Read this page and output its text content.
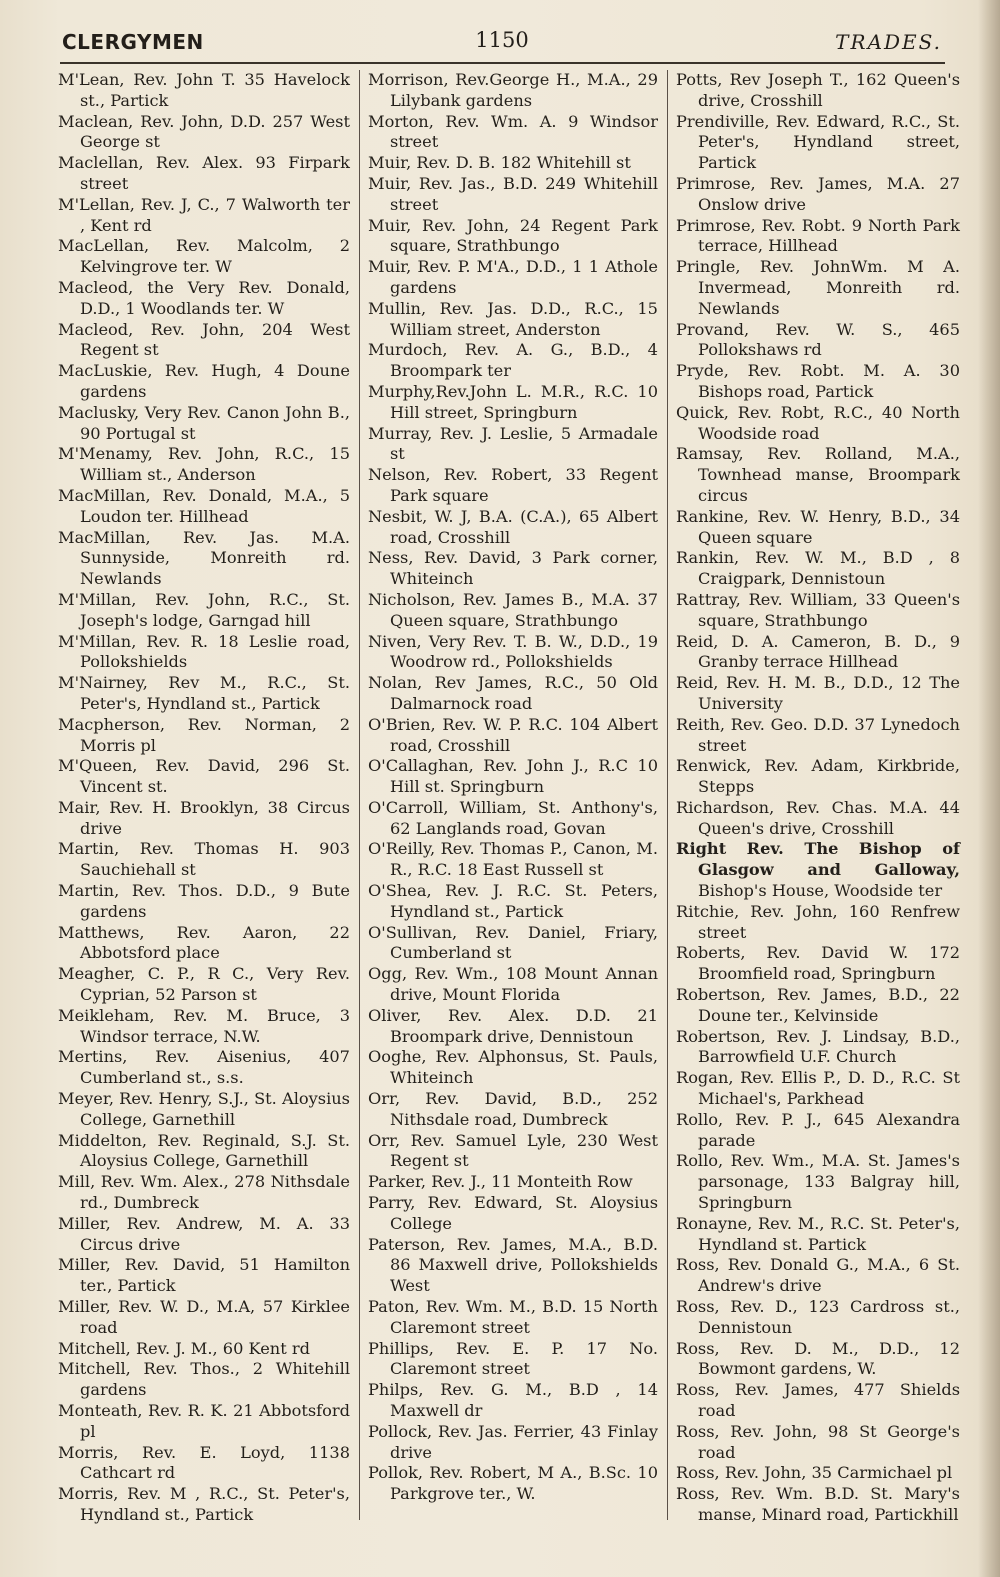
CLERGYMEN	1150	TRADES.

M'Lean, Rev. John T. 35 Havelock st., Partick

Maclean, Rev. John, D.D. 257 West George st

Maclellan, Rev. Alex. 93 Firpark street

M'Lellan, Rev. J, C., 7 Walworth ter , Kent rd

MacLellan, Rev. Malcolm, 2 Kelvingrove ter. W

Macleod, the Very Rev. Donald, D.D., 1 Woodlands ter. W

Macleod, Rev. John, 204 West Regent st

MacLuskie, Rev. Hugh, 4 Doune gardens

Maclusky, Very Rev. Canon John B., 90 Portugal st

M'Menamy, Rev. John, R.C., 15 William st., Anderson

MacMillan, Rev. Donald, M.A., 5 Loudon ter. Hillhead

MacMillan, Rev. Jas. M.A. Sunnyside, Monreith rd. Newlands

M'Millan, Rev. John, R.C., St. Joseph's lodge, Garngad hill

M'Millan, Rev. R. 18 Leslie road, Pollokshields

M'Nairney, Rev M., R.C., St. Peter's, Hyndland st., Partick

Macpherson, Rev. Norman, 2 Morris pl

M'Queen, Rev. David, 296 St. Vincent st.

Mair, Rev. H. Brooklyn, 38 Circus drive

Martin, Rev. Thomas H. 903 Sauchiehall st

Martin, Rev. Thos. D.D., 9 Bute gardens

Matthews, Rev. Aaron, 22 Abbotsford place

Meagher, C. P., R C., Very Rev. Cyprian, 52 Parson st

Meikleham, Rev. M. Bruce, 3 Windsor terrace, N.W.

Mertins, Rev. Aisenius, 407 Cumberland st., s.s.

Meyer, Rev. Henry, S.J., St. Aloysius College, Garnethill

Middelton, Rev. Reginald, S.J. St. Aloysius College, Garnethill

Mill, Rev. Wm. Alex., 278 Nithsdale rd., Dumbreck

Miller, Rev. Andrew, M. A. 33 Circus drive

Miller, Rev. David, 51 Hamilton ter., Partick

Miller, Rev. W. D., M.A, 57 Kirklee road

Mitchell, Rev. J. M., 60 Kent rd

Mitchell, Rev. Thos., 2 Whitehill gardens

Monteath, Rev. R. K. 21 Abbotsford pl

Morris, Rev. E. Loyd, 1138 Cathcart rd

Morris, Rev. M , R.C., St. Peter's, Hyndland st., Partick

Morrison, Rev.George H., M.A., 29 Lilybank gardens

Morton, Rev. Wm. A. 9 Windsor street

Muir, Rev. D. B. 182 Whitehill st

Muir, Rev. Jas., B.D. 249 Whitehill street

Muir, Rev. John, 24 Regent Park square, Strathbungo

Muir, Rev. P. M'A., D.D., 1 1 Athole gardens

Mullin, Rev. Jas. D.D., R.C., 15 William street, Anderston

Murdoch, Rev. A. G., B.D., 4 Broompark ter

Murphy,Rev.John L. M.R., R.C. 10 Hill street, Springburn

Murray, Rev. J. Leslie, 5 Armadale st

Nelson, Rev. Robert, 33 Regent Park square

Nesbit, W. J, B.A. (C.A.), 65 Albert road, Crosshill

Ness, Rev. David, 3 Park corner, Whiteinch

Nicholson, Rev. James B., M.A. 37 Queen square, Strathbungo

Niven, Very Rev. T. B. W., D.D., 19 Woodrow rd., Pollokshields

Nolan, Rev James, R.C., 50 Old Dalmarnock road

O'Brien, Rev. W. P. R.C. 104 Albert road, Crosshill

O'Callaghan, Rev. John J., R.C 10 Hill st. Springburn

O'Carroll, William, St. Anthony's, 62 Langlands road, Govan

O'Reilly, Rev. Thomas P., Canon, M. R., R.C. 18 East Russell st

O'Shea, Rev. J. R.C. St. Peters, Hyndland st., Partick

O'Sullivan, Rev. Daniel, Friary, Cumberland st

Ogg, Rev. Wm., 108 Mount Annan drive, Mount Florida

Oliver, Rev. Alex. D.D. 21 Broompark drive, Dennistoun

Ooghe, Rev. Alphonsus, St. Pauls, Whiteinch

Orr, Rev. David, B.D., 252 Nithsdale road, Dumbreck

Orr, Rev. Samuel Lyle, 230 West Regent st

Parker, Rev. J., 11 Monteith Row

Parry, Rev. Edward, St. Aloysius College

Paterson, Rev. James, M.A., B.D. 86 Maxwell drive, Pollokshields West

Paton, Rev. Wm. M., B.D. 15 North Claremont street

Phillips, Rev. E. P. 17 No. Claremont street

Philps, Rev. G. M., B.D , 14 Maxwell dr

Pollock, Rev. Jas. Ferrier, 43 Finlay drive

Pollok, Rev. Robert, M A., B.Sc. 10 Parkgrove ter., W.

Potts, Rev Joseph T., 162 Queen's drive, Crosshill

Prendiville, Rev. Edward, R.C., St. Peter's, Hyndland street, Partick

Primrose, Rev. James, M.A. 27 Onslow drive

Primrose, Rev. Robt. 9 North Park terrace, Hillhead

Pringle, Rev. JohnWm. M A. Invermead, Monreith rd. Newlands

Provand, Rev. W. S., 465 Pollokshaws rd

Pryde, Rev. Robt. M. A. 30 Bishops road, Partick

Quick, Rev. Robt, R.C., 40 North Woodside road

Ramsay, Rev. Rolland, M.A., Townhead manse, Broompark circus

Rankine, Rev. W. Henry, B.D., 34 Queen square

Rankin, Rev. W. M., B.D , 8 Craigpark, Dennistoun

Rattray, Rev. William, 33 Queen's square, Strathbungo

Reid, D. A. Cameron, B. D., 9 Granby terrace Hillhead

Reid, Rev. H. M. B., D.D., 12 The University

Reith, Rev. Geo. D.D. 37 Lynedoch street

Renwick, Rev. Adam, Kirkbride, Stepps

Richardson, Rev. Chas. M.A. 44 Queen's drive, Crosshill

Right Rev. The Bishop of Glasgow and Galloway, Bishop's House, Woodside ter

Ritchie, Rev. John, 160 Renfrew street

Roberts, Rev. David W. 172 Broomfield road, Springburn

Robertson, Rev. James, B.D., 22 Doune ter., Kelvinside

Robertson, Rev. J. Lindsay, B.D., Barrowfield U.F. Church

Rogan, Rev. Ellis P., D. D., R.C. St Michael's, Parkhead

Rollo, Rev. P. J., 645 Alexandra parade

Rollo, Rev. Wm., M.A. St. James's parsonage, 133 Balgray hill, Springburn

Ronayne, Rev. M., R.C. St. Peter's, Hyndland st. Partick

Ross, Rev. Donald G., M.A., 6 St. Andrew's drive

Ross, Rev. D., 123 Cardross st., Dennistoun

Ross, Rev. D. M., D.D., 12 Bowmont gardens, W.

Ross, Rev. James, 477 Shields road

Ross, Rev. John, 98 St George's road

Ross, Rev. John, 35 Carmichael pl

Ross, Rev. Wm. B.D. St. Mary's manse, Minard road, Partickhill
